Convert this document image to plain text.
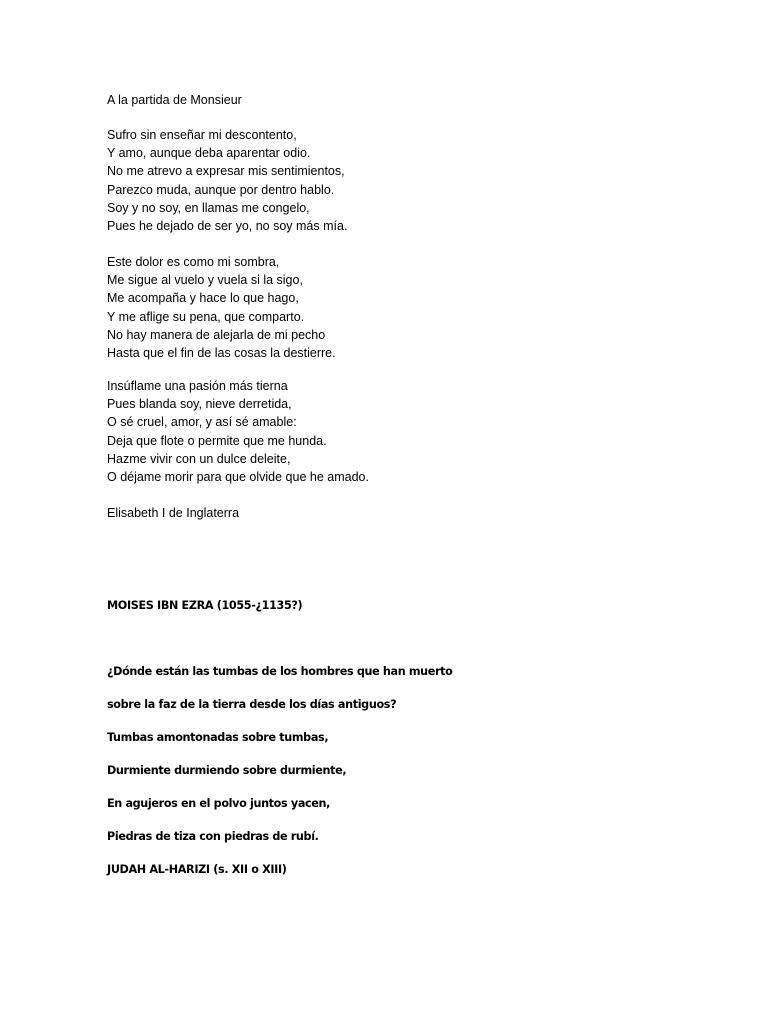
A la partida de Monsieur
Sufro sin enseñar mi descontento,
Y amo, aunque deba aparentar odio.
No me atrevo a expresar mis sentimientos,
Parezco muda, aunque por dentro hablo.
Soy y no soy, en llamas me congelo,
Pues he dejado de ser yo, no soy más mía.
Este dolor es como mi sombra,
Me sigue al vuelo y vuela si la sigo,
Me acompaña y hace lo que hago,
Y me aflige su pena, que comparto.
No hay manera de alejarla de mi pecho
Hasta que el fin de las cosas la destierre.
Insúflame una pasión más tierna
Pues blanda soy, nieve derretida,
O sé cruel, amor, y así sé amable:
Deja que flote o permite que me hunda.
Hazme vivir con un dulce deleite,
O déjame morir para que olvide que he amado.
Elisabeth I de Inglaterra
MOISES IBN EZRA (1055-¿1135?)
¿Dónde están las tumbas de los hombres que han muerto
sobre la faz de la tierra desde los días antiguos?
Tumbas amontonadas sobre tumbas,
Durmiente durmiendo sobre durmiente,
En agujeros en el polvo juntos yacen,
Piedras de tiza con piedras de rubí.
JUDAH AL-HARIZI (s. XII o XIII)
